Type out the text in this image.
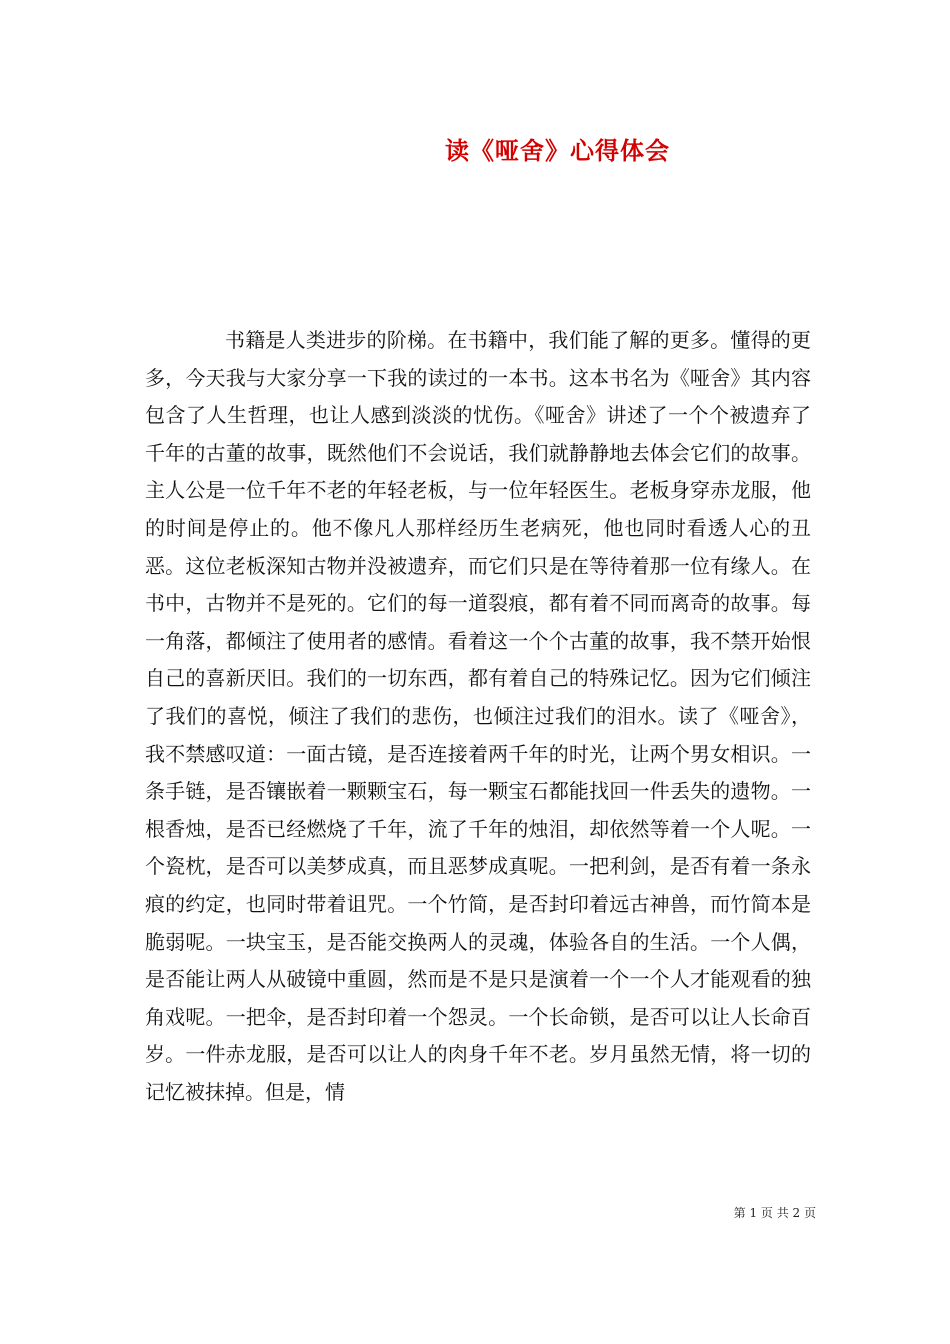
读《哑舍》心得体会

书籍是人类进步的阶梯。在书籍中，我们能了解的更多。懂得的更多，今天我与大家分享一下我的读过的一本书。这本书名为《哑舍》其内容包含了人生哲理，也让人感到淡淡的忧伤。《哑舍》讲述了一个个被遗弃了千年的古董的故事，既然他们不会说话，我们就静静地去体会它们的故事。主人公是一位千年不老的年轻老板，与一位年轻医生。老板身穿赤龙服，他的时间是停止的。他不像凡人那样经历生老病死，他也同时看透人心的丑恶。这位老板深知古物并没被遗弃，而它们只是在等待着那一位有缘人。在书中，古物并不是死的。它们的每一道裂痕，都有着不同而离奇的故事。每一角落，都倾注了使用者的感情。看着这一个个古董的故事，我不禁开始恨自己的喜新厌旧。我们的一切东西，都有着自己的特殊记忆。因为它们倾注了我们的喜悦，倾注了我们的悲伤，也倾注过我们的泪水。读了《哑舍》，我不禁感叹道：一面古镜，是否连接着两千年的时光，让两个男女相识。一条手链，是否镶嵌着一颗颗宝石，每一颗宝石都能找回一件丢失的遗物。一根香烛，是否已经燃烧了千年，流了千年的烛泪，却依然等着一个人呢。一个瓷枕，是否可以美梦成真，而且恶梦成真呢。一把利剑，是否有着一条永痕的约定，也同时带着诅咒。一个竹简，是否封印着远古神兽，而竹简本是脆弱呢。一块宝玉，是否能交换两人的灵魂，体验各自的生活。一个人偶，是否能让两人从破镜中重圆，然而是不是只是演着一个一个人才能观看的独角戏呢。一把伞，是否封印着一个怨灵。一个长命锁，是否可以让人长命百岁。一件赤龙服，是否可以让人的肉身千年不老。岁月虽然无情，将一切的记忆被抹掉。但是，情

第 1 页 共 2 页
